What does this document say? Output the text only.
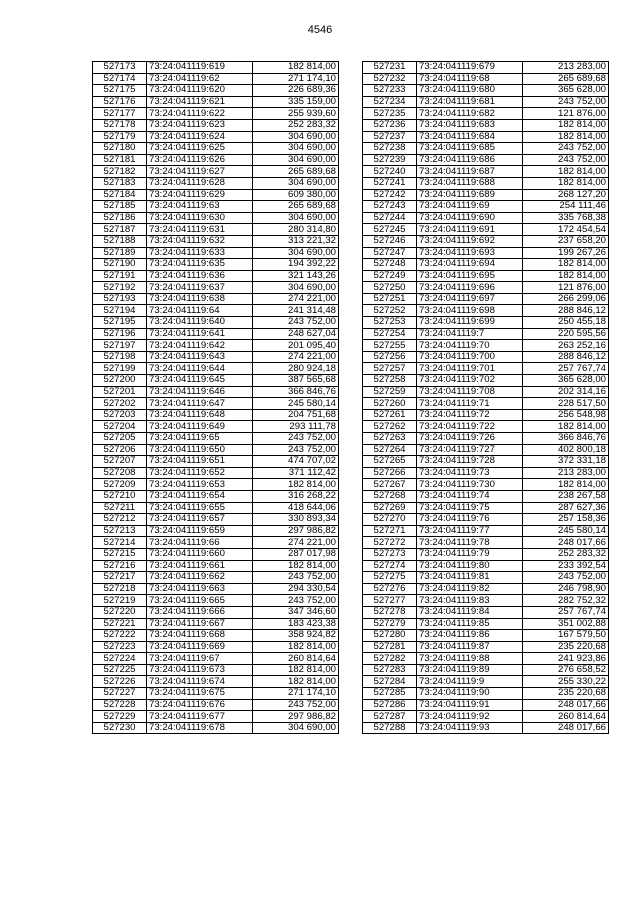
4546
527173	73:24:041119:619	182 814,00
527174	73:24:041119:62	271 174,10
527175	73:24:041119:620	226 689,36
527176	73:24:041119:621	335 159,00
527177	73:24:041119:622	255 939,60
527178	73:24:041119:623	252 283,32
527179	73:24:041119:624	304 690,00
527180	73:24:041119:625	304 690,00
527181	73:24:041119:626	304 690,00
527182	73:24:041119:627	265 689,68
527183	73:24:041119:628	304 690,00
527184	73:24:041119:629	609 380,00
527185	73:24:041119:63	265 689,68
527186	73:24:041119:630	304 690,00
527187	73:24:041119:631	280 314,80
527188	73:24:041119:632	313 221,32
527189	73:24:041119:633	304 690,00
527190	73:24:041119:635	194 392,22
527191	73:24:041119:636	321 143,26
527192	73:24:041119:637	304 690,00
527193	73:24:041119:638	274 221,00
527194	73:24:041119:64	241 314,48
527195	73:24:041119:640	243 752,00
527196	73:24:041119:641	248 627,04
527197	73:24:041119:642	201 095,40
527198	73:24:041119:643	274 221,00
527199	73:24:041119:644	280 924,18
527200	73:24:041119:645	387 565,68
527201	73:24:041119:646	366 846,76
527202	73:24:041119:647	245 580,14
527203	73:24:041119:648	204 751,68
527204	73:24:041119:649	293 111,78
527205	73:24:041119:65	243 752,00
527206	73:24:041119:650	243 752,00
527207	73:24:041119:651	474 707,02
527208	73:24:041119:652	371 112,42
527209	73:24:041119:653	182 814,00
527210	73:24:041119:654	316 268,22
527211	73:24:041119:655	418 644,06
527212	73:24:041119:657	330 893,34
527213	73:24:041119:659	297 986,82
527214	73:24:041119:66	274 221,00
527215	73:24:041119:660	287 017,98
527216	73:24:041119:661	182 814,00
527217	73:24:041119:662	243 752,00
527218	73:24:041119:663	294 330,54
527219	73:24:041119:665	243 752,00
527220	73:24:041119:666	347 346,60
527221	73:24:041119:667	183 423,38
527222	73:24:041119:668	358 924,82
527223	73:24:041119:669	182 814,00
527224	73:24:041119:67	260 814,64
527225	73:24:041119:673	182 814,00
527226	73:24:041119:674	182 814,00
527227	73:24:041119:675	271 174,10
527228	73:24:041119:676	243 752,00
527229	73:24:041119:677	297 986,82
527230	73:24:041119:678	304 690,00
527231	73:24:041119:679	213 283,00
527232	73:24:041119:68	265 689,68
527233	73:24:041119:680	365 628,00
527234	73:24:041119:681	243 752,00
527235	73:24:041119:682	121 876,00
527236	73:24:041119:683	182 814,00
527237	73:24:041119:684	182 814,00
527238	73:24:041119:685	243 752,00
527239	73:24:041119:686	243 752,00
527240	73:24:041119:687	182 814,00
527241	73:24:041119:688	182 814,00
527242	73:24:041119:689	268 127,20
527243	73:24:041119:69	254 111,46
527244	73:24:041119:690	335 768,38
527245	73:24:041119:691	172 454,54
527246	73:24:041119:692	237 658,20
527247	73:24:041119:693	199 267,26
527248	73:24:041119:694	182 814,00
527249	73:24:041119:695	182 814,00
527250	73:24:041119:696	121 876,00
527251	73:24:041119:697	266 299,06
527252	73:24:041119:698	288 846,12
527253	73:24:041119:699	250 455,18
527254	73:24:041119:7	220 595,56
527255	73:24:041119:70	263 252,16
527256	73:24:041119:700	288 846,12
527257	73:24:041119:701	257 767,74
527258	73:24:041119:702	365 628,00
527259	73:24:041119:708	202 314,16
527260	73:24:041119:71	228 517,50
527261	73:24:041119:72	256 548,98
527262	73:24:041119:722	182 814,00
527263	73:24:041119:726	366 846,76
527264	73:24:041119:727	402 800,18
527265	73:24:041119:728	372 331,18
527266	73:24:041119:73	213 283,00
527267	73:24:041119:730	182 814,00
527268	73:24:041119:74	238 267,58
527269	73:24:041119:75	287 627,36
527270	73:24:041119:76	257 158,36
527271	73:24:041119:77	245 580,14
527272	73:24:041119:78	248 017,66
527273	73:24:041119:79	252 283,32
527274	73:24:041119:80	233 392,54
527275	73:24:041119:81	243 752,00
527276	73:24:041119:82	246 798,90
527277	73:24:041119:83	282 752,32
527278	73:24:041119:84	257 767,74
527279	73:24:041119:85	351 002,88
527280	73:24:041119:86	167 579,50
527281	73:24:041119:87	235 220,68
527282	73:24:041119:88	241 923,86
527283	73:24:041119:89	276 658,52
527284	73:24:041119:9	255 330,22
527285	73:24:041119:90	235 220,68
527286	73:24:041119:91	248 017,66
527287	73:24:041119:92	260 814,64
527288	73:24:041119:93	248 017,66
